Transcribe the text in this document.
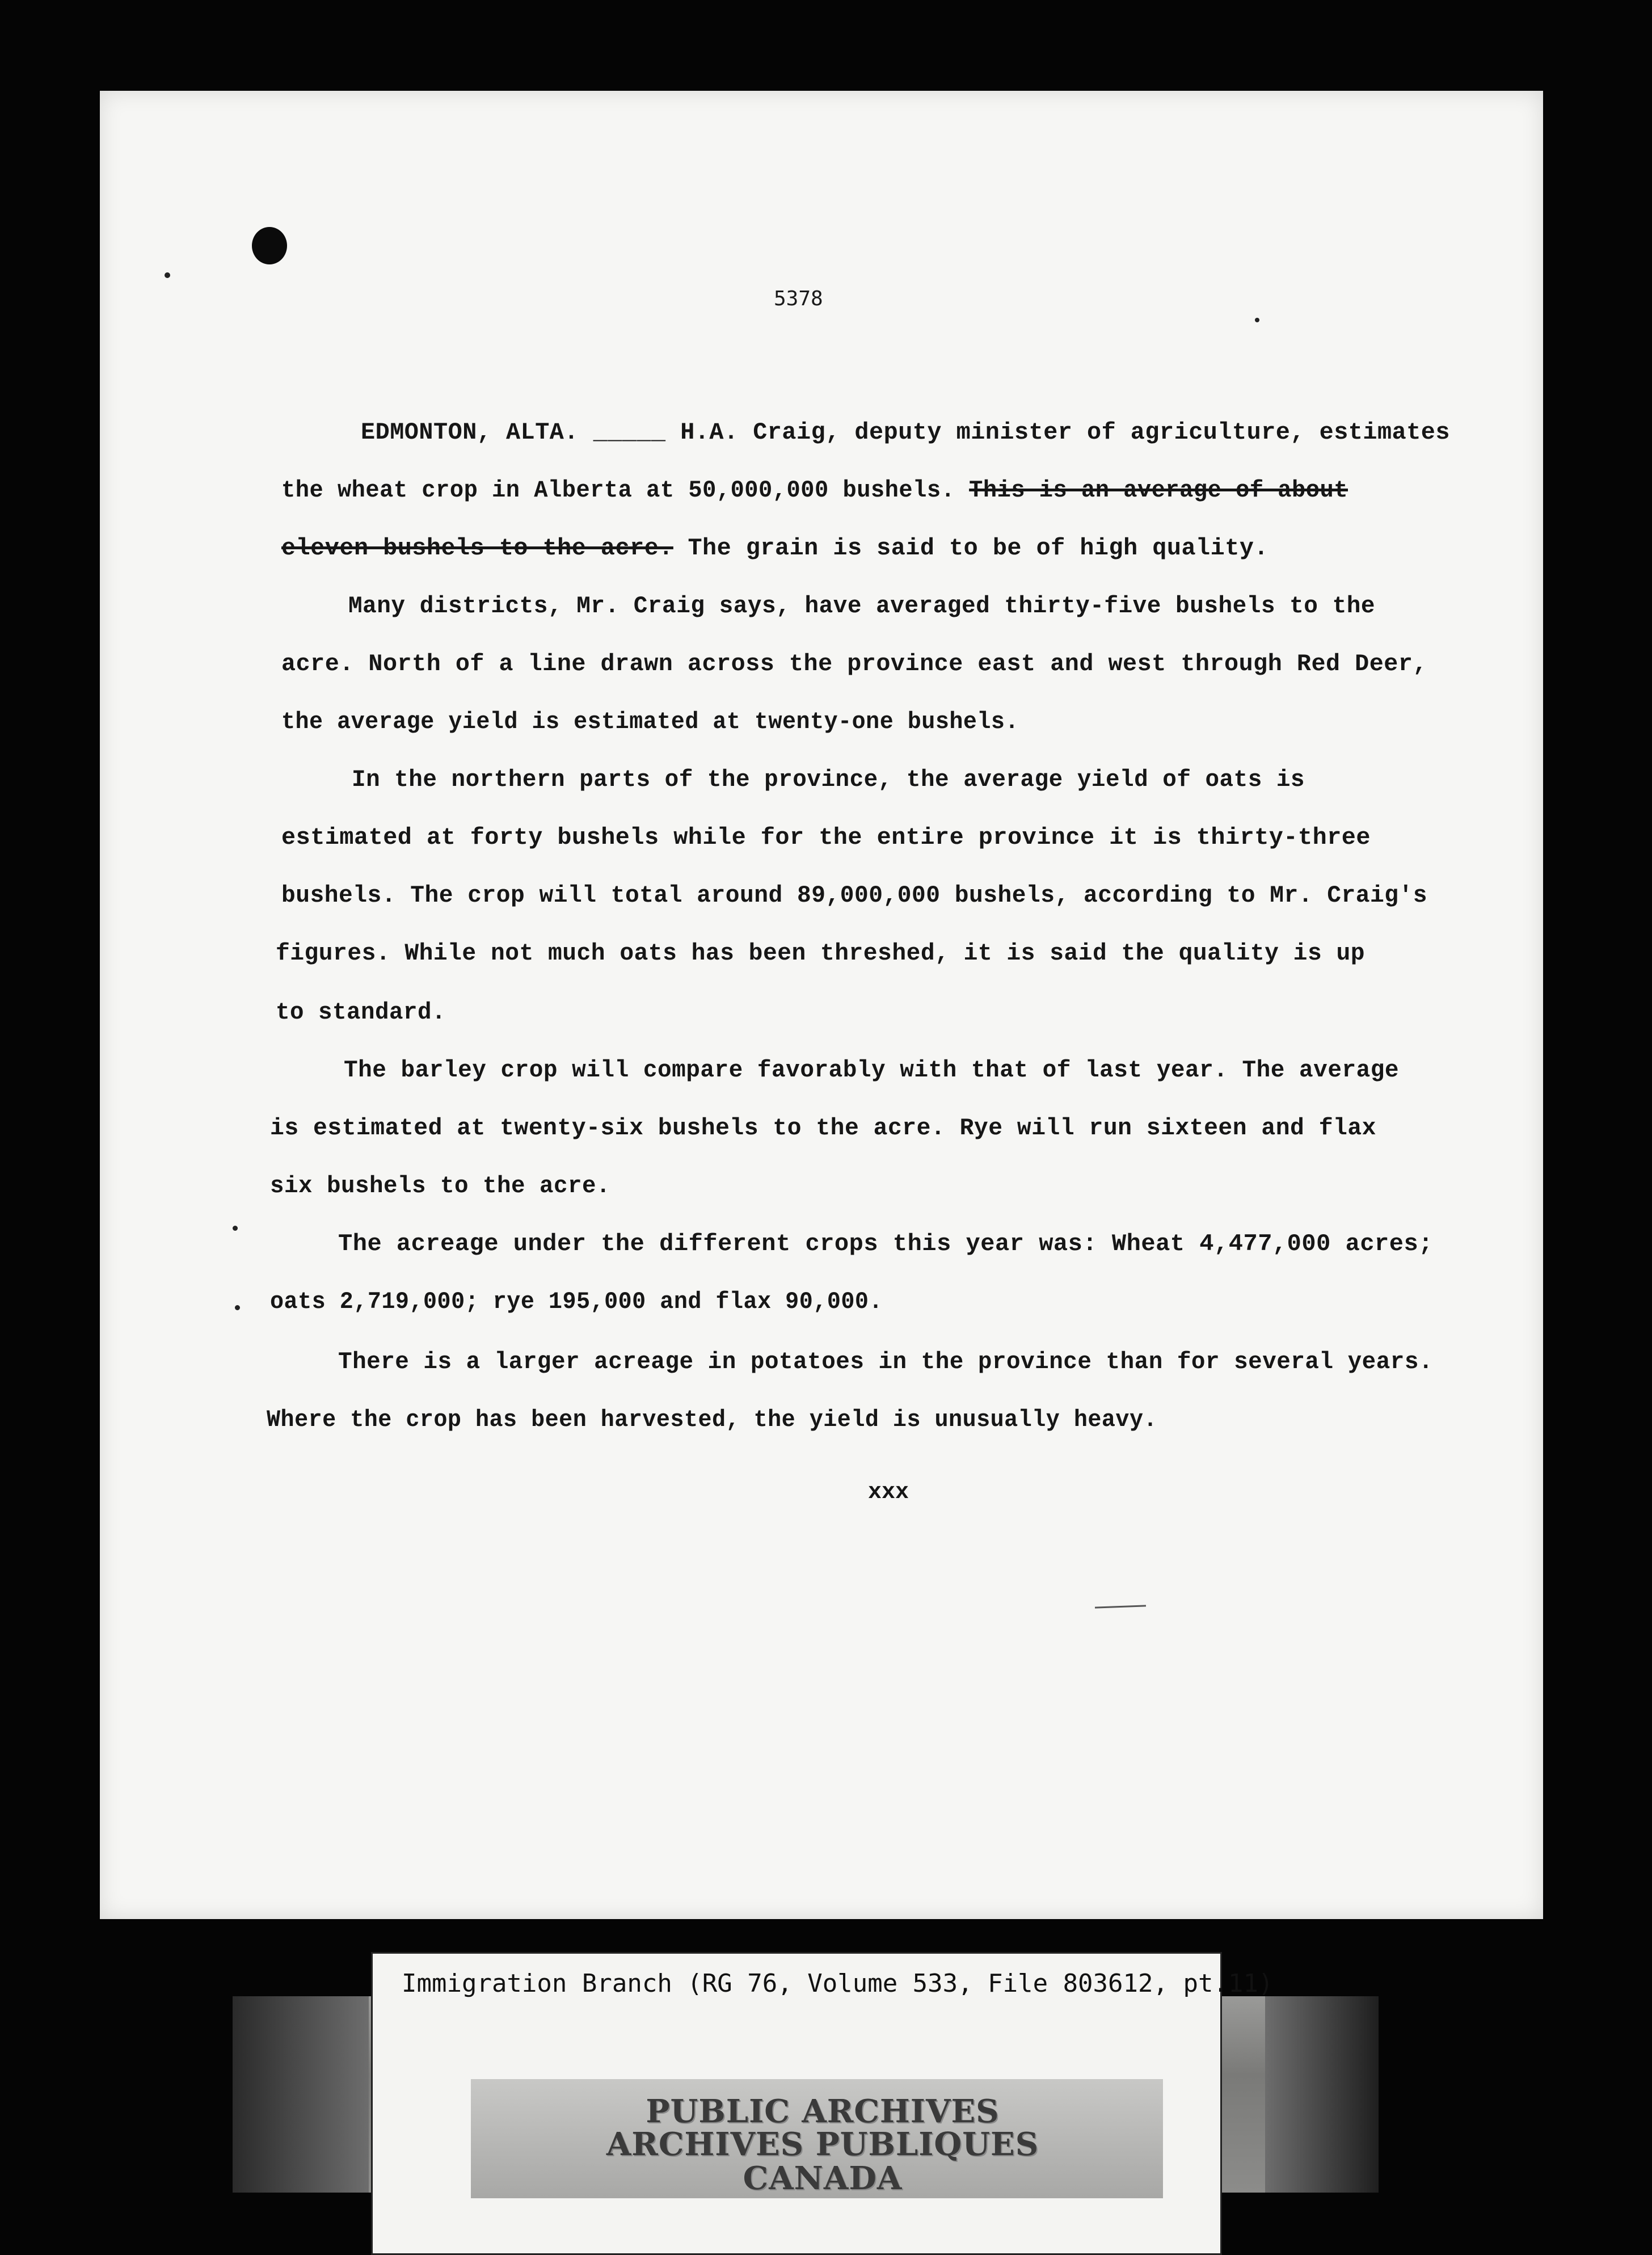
5378
EDMONTON, ALTA. _____ H.A. Craig, deputy minister of agriculture, estimates
the wheat crop in Alberta at 50,000,000 bushels. This is an average of about
eleven bushels to the acre. The grain is said to be of high quality.
Many districts, Mr. Craig says, have averaged thirty-five bushels to the
acre. North of a line drawn across the province east and west through Red Deer,
the average yield is estimated at twenty-one bushels.
In the northern parts of the province, the average yield of oats is
estimated at forty bushels while for the entire province it is thirty-three
bushels. The crop will total around 89,000,000 bushels, according to Mr. Craig's
figures. While not much oats has been threshed, it is said the quality is up
to standard.
The barley crop will compare favorably with that of last year. The average
is estimated at twenty-six bushels to the acre. Rye will run sixteen and flax
six bushels to the acre.
The acreage under the different crops this year was: Wheat 4,477,000 acres;
oats 2,719,000; rye 195,000 and flax 90,000.
There is a larger acreage in potatoes in the province than for several years.
Where the crop has been harvested, the yield is unusually heavy.
xxx
Immigration Branch (RG 76, Volume 533, File 803612, pt.11)
PUBLIC ARCHIVES
ARCHIVES PUBLIQUES
CANADA
